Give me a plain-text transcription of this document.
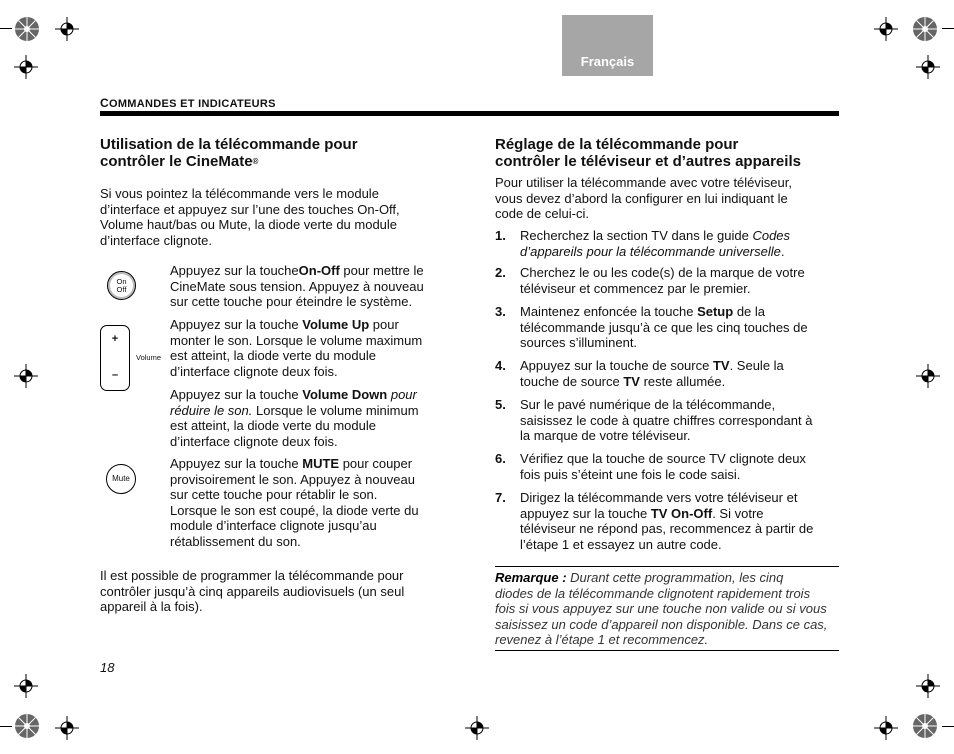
Français
COMMANDES ET INDICATEURS
Utilisation de la télécommande pour
contrôler le CineMate®
Si vous pointez la télécommande vers le module
d’interface et appuyez sur l’une des touches On-Off,
Volume haut/bas ou Mute, la diode verte du module
d’interface clignote.
On
Off
Appuyez sur la toucheOn-Off pour mettre le
CineMate sous tension. Appuyez à nouveau
sur cette touche pour éteindre le système.
+
–
Volume
Appuyez sur la touche Volume Up pour
monter le son. Lorsque le volume maximum
est atteint, la diode verte du module
d’interface clignote deux fois.
Appuyez sur la touche Volume Down pour
réduire le son. Lorsque le volume minimum
est atteint, la diode verte du module
d’interface clignote deux fois.
Mute
Appuyez sur la touche MUTE pour couper
provisoirement le son. Appuyez à nouveau
sur cette touche pour rétablir le son.
Lorsque le son est coupé, la diode verte du
module d’interface clignote jusqu’au
rétablissement du son.
Il est possible de programmer la télécommande pour
contrôler jusqu’à cinq appareils audiovisuels (un seul
appareil à la fois).
Réglage de la télécommande pour
contrôler le téléviseur et d’autres appareils
Pour utiliser la télécommande avec votre téléviseur,
vous devez d’abord la configurer en lui indiquant le
code de celui-ci.
1. Recherchez la section TV dans le guide Codes
d’appareils pour la télécommande universelle.
2. Cherchez le ou les code(s) de la marque de votre
téléviseur et commencez par le premier.
3. Maintenez enfoncée la touche Setup de la
télécommande jusqu’à ce que les cinq touches de
sources s’illuminent.
4. Appuyez sur la touche de source TV. Seule la
touche de source TV reste allumée.
5. Sur le pavé numérique de la télécommande,
saisissez le code à quatre chiffres correspondant à
la marque de votre téléviseur.
6. Vérifiez que la touche de source TV clignote deux
fois puis s’éteint une fois le code saisi.
7. Dirigez la télécommande vers votre téléviseur et
appuyez sur la touche TV On-Off. Si votre
téléviseur ne répond pas, recommencez à partir de
l’étape 1 et essayez un autre code.
Remarque : Durant cette programmation, les cinq
diodes de la télécommande clignotent rapidement trois
fois si vous appuyez sur une touche non valide ou si vous
saisissez un code d’appareil non disponible. Dans ce cas,
revenez à l’étape 1 et recommencez.
18
